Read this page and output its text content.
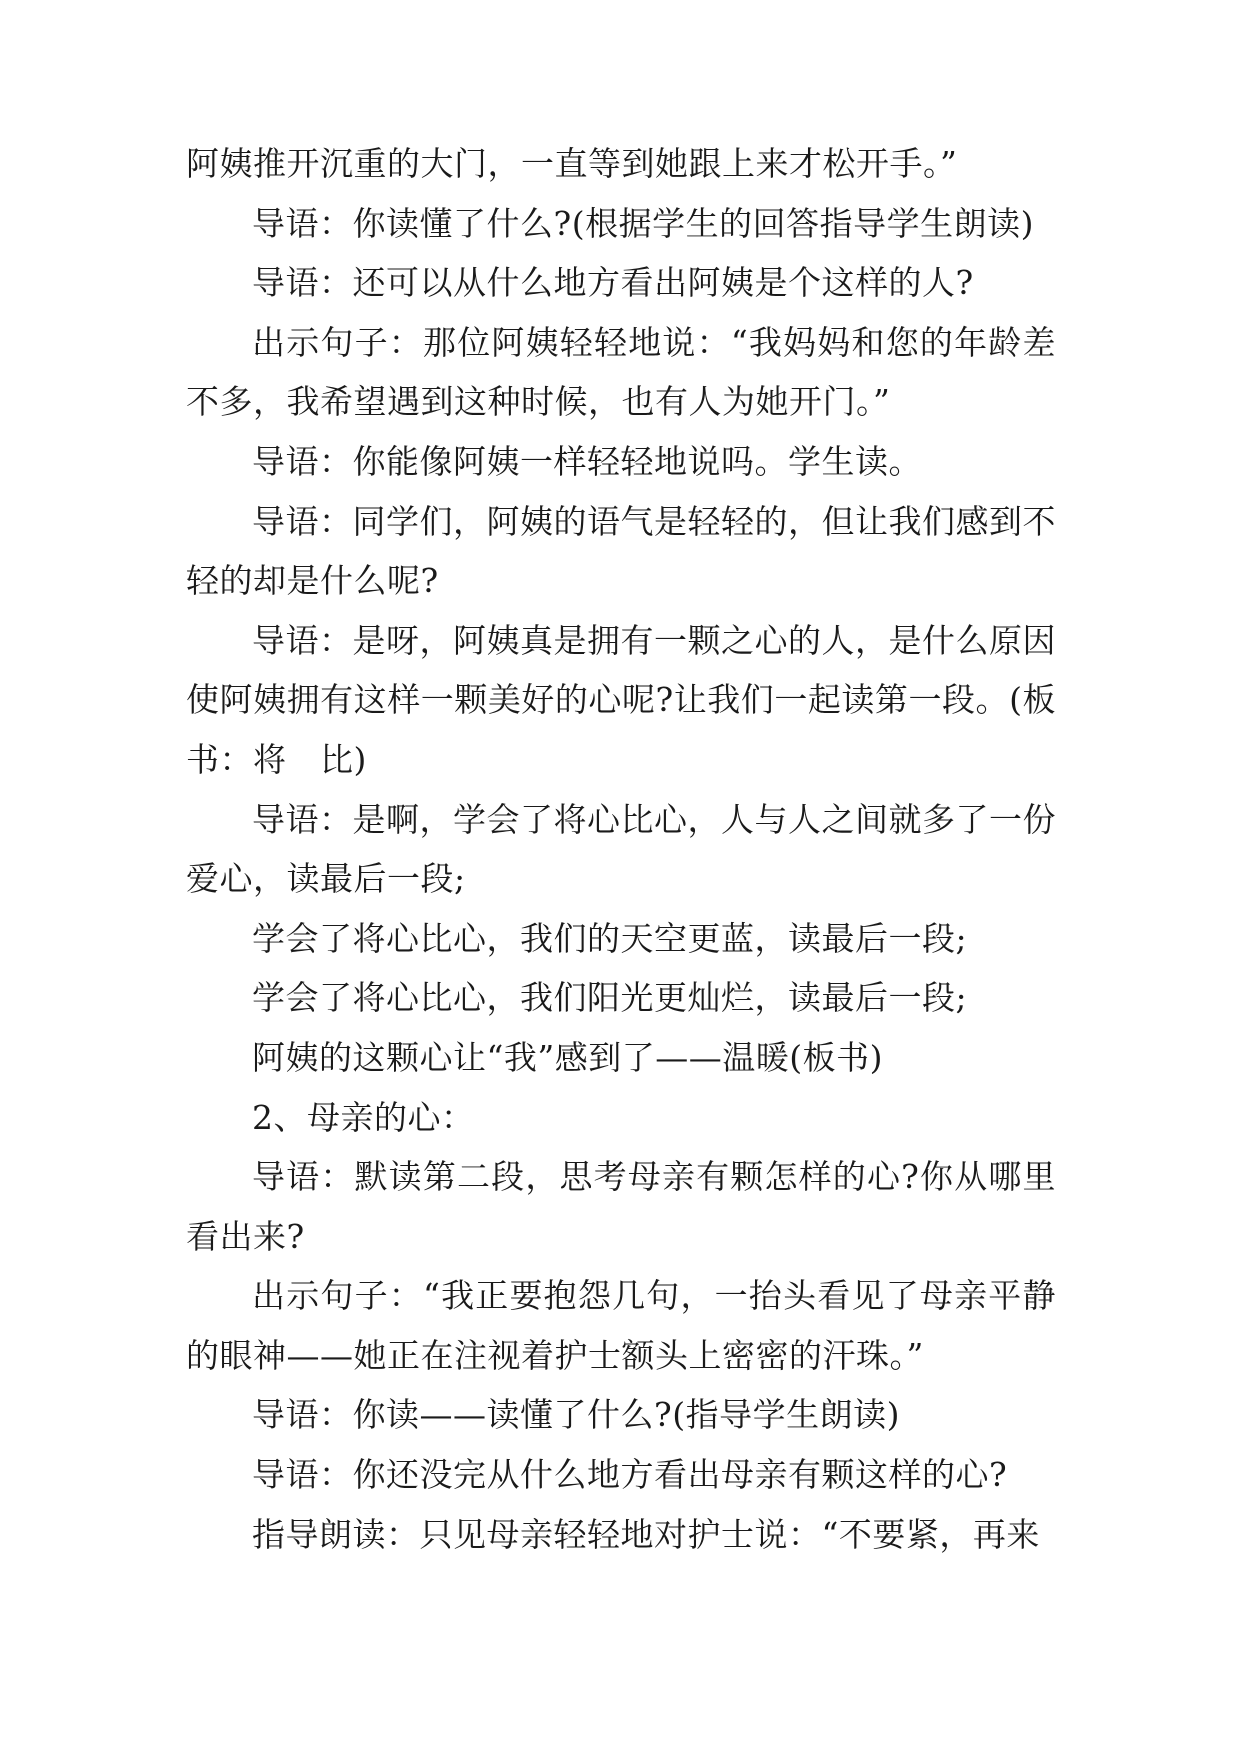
阿姨推开沉重的大门，一直等到她跟上来才松开手。”

导语：你读懂了什么?(根据学生的回答指导学生朗读)

导语：还可以从什么地方看出阿姨是个这样的人?

出示句子：那位阿姨轻轻地说：“我妈妈和您的年龄差不多，我希望遇到这种时候，也有人为她开门。”

导语：你能像阿姨一样轻轻地说吗。学生读。

导语：同学们，阿姨的语气是轻轻的，但让我们感到不轻的却是什么呢?

导语：是呀，阿姨真是拥有一颗之心的人，是什么原因使阿姨拥有这样一颗美好的心呢?让我们一起读第一段。(板书：将　比)

导语：是啊，学会了将心比心，人与人之间就多了一份爱心，读最后一段;

学会了将心比心，我们的天空更蓝，读最后一段;

学会了将心比心，我们阳光更灿烂，读最后一段;

阿姨的这颗心让“我”感到了——温暖(板书)

2、母亲的心：

导语：默读第二段，思考母亲有颗怎样的心?你从哪里看出来?

出示句子：“我正要抱怨几句，一抬头看见了母亲平静的眼神——她正在注视着护士额头上密密的汗珠。”

导语：你读——读懂了什么?(指导学生朗读)

导语：你还没完从什么地方看出母亲有颗这样的心?

指导朗读：只见母亲轻轻地对护士说：“不要紧，再来
